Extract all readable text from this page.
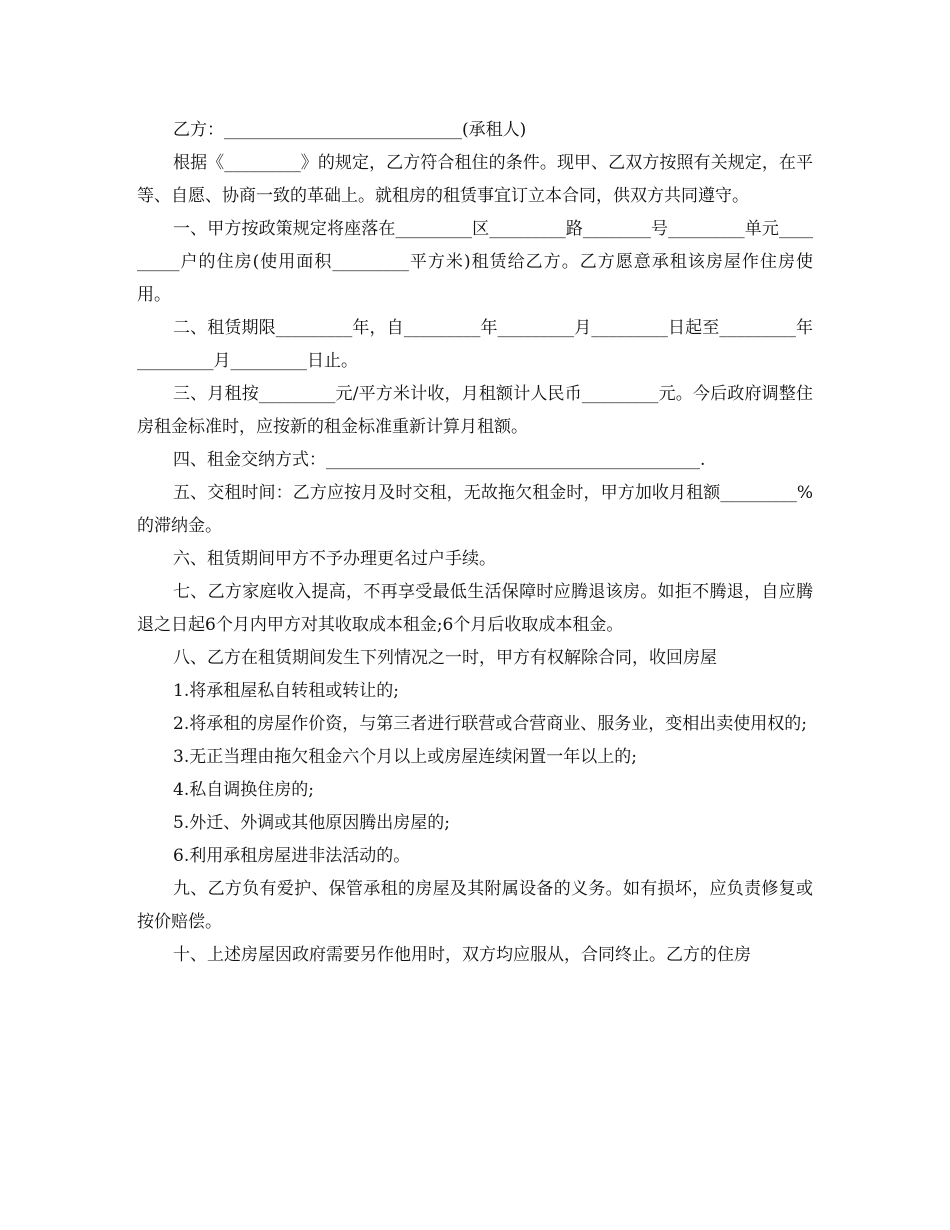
乙方：____________________________(承租人)

根据《_________》的规定，乙方符合租住的条件。现甲、乙双方按照有关规定，在平等、自愿、协商一致的革础上。就租房的租赁事宜订立本合同，供双方共同遵守。

一、甲方按政策规定将座落在_________区_________路________号_________单元_________户的住房(使用面积_________平方米)租赁给乙方。乙方愿意承租该房屋作住房使用。

二、租赁期限_________年，自_________年_________月_________日起至_________年_________月_________日止。

三、月租按_________元/平方米计收，月租额计人民币_________元。今后政府调整住房租金标准时，应按新的租金标准重新计算月租额。

四、租金交纳方式：____________________________________________.

五、交租时间：乙方应按月及时交租，无故拖欠租金时，甲方加收月租额_________%的滞纳金。

六、租赁期间甲方不予办理更名过户手续。

七、乙方家庭收入提高，不再享受最低生活保障时应腾退该房。如拒不腾退，自应腾退之日起6个月内甲方对其收取成本租金;6个月后收取成本租金。

八、乙方在租赁期间发生下列情况之一时，甲方有权解除合同，收回房屋

1.将承租屋私自转租或转让的;

2.将承租的房屋作价资，与第三者进行联营或合营商业、服务业，变相出卖使用权的;

3.无正当理由拖欠租金六个月以上或房屋连续闲置一年以上的;

4.私自调换住房的;

5.外迁、外调或其他原因腾出房屋的;

6.利用承租房屋进非法活动的。

九、乙方负有爱护、保管承租的房屋及其附属设备的义务。如有损坏，应负责修复或按价赔偿。

十、上述房屋因政府需要另作他用时，双方均应服从，合同终止。乙方的住房
